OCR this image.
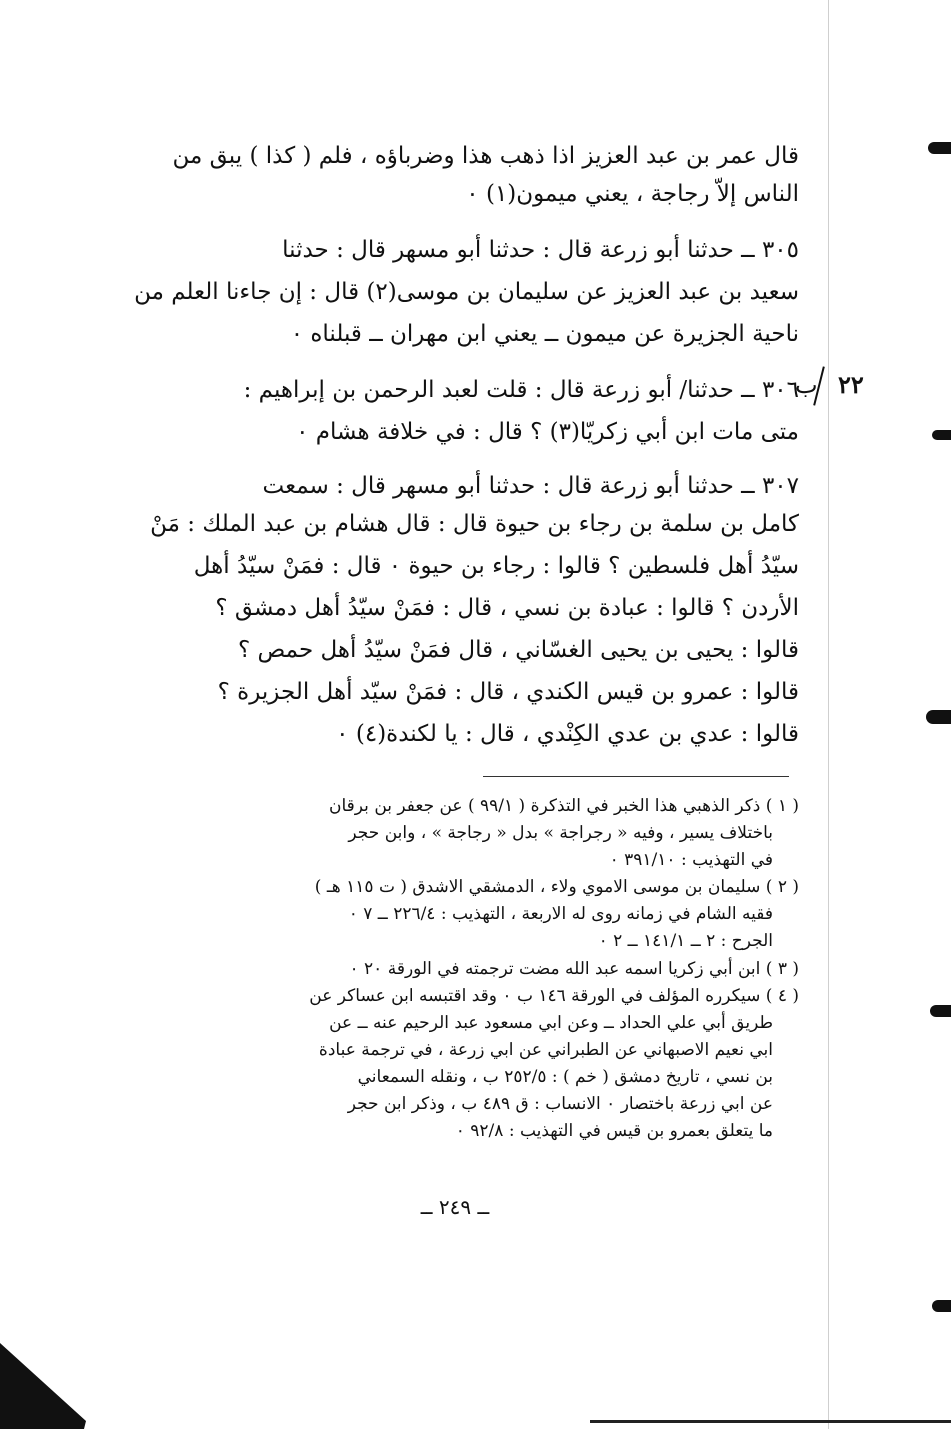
٢٢
ب
قال عمر بن عبد العزيز اذا ذهب هذا وضرباؤه ، فلم ( كذا ) يبق من
الناس إلاّ رجاجة ، يعني ميمون(١) ٠
٣٠٥ ــ حدثنا أبو زرعة قال : حدثنا أبو مسهر قال : حدثنا
سعيد بن عبد العزيز عن سليمان بن موسى(٢) قال : إن جاءنا العلم من
ناحية الجزيرة عن ميمون ــ يعني ابن مهران ــ قبلناه ٠
٣٠٦ ــ حدثنا/ أبو زرعة قال : قلت لعبد الرحمن بن إبراهيم :
متى مات ابن أبي زكريّا(٣) ؟ قال : في خلافة هشام ٠
٣٠٧ ــ حدثنا أبو زرعة قال : حدثنا أبو مسهر قال : سمعت
كامل بن سلمة بن رجاء بن حيوة قال : قال هشام بن عبد الملك : مَنْ
سيّدُ أهل فلسطين ؟ قالوا : رجاء بن حيوة ٠ قال : فمَنْ سيّدُ أهل
الأردن ؟ قالوا : عبادة بن نسي ، قال : فمَنْ سيّدُ أهل دمشق ؟
قالوا : يحيى بن يحيى الغسّاني ، قال فمَنْ سيّدُ أهل حمص ؟
قالوا : عمرو بن قيس الكندي ، قال : فمَنْ سيّد أهل الجزيرة ؟
قالوا : عدي بن عدي الكِنْدي ، قال : يا لكندة(٤) ٠
( ١ ) ذكر الذهبي هذا الخبر في التذكرة ( ٩٩/١ ) عن جعفر بن برقان
باختلاف يسير ، وفيه « رجراجة » بدل « رجاجة » ، وابن حجر
في التهذيب : ٣٩١/١٠ ٠
( ٢ ) سليمان بن موسى الاموي ولاء ، الدمشقي الاشدق ( ت ١١٥ هـ )
فقيه الشام في زمانه روى له الاربعة ، التهذيب : ٢٢٦/٤ ــ ٧ ٠
الجرح : ٢ ــ ١٤١/١ ــ ٢ ٠
( ٣ ) ابن أبي زكريا اسمه عبد الله مضت ترجمته في الورقة ٢٠ ٠
( ٤ ) سيكرره المؤلف في الورقة ١٤٦ ب ٠ وقد اقتبسه ابن عساكر عن
طريق أبي علي الحداد ــ وعن ابي مسعود عبد الرحيم عنه ــ عن
ابي نعيم الاصبهاني عن الطبراني عن ابي زرعة ، في ترجمة عبادة
بن نسي ، تاريخ دمشق ( خم ) : ٢٥٢/٥ ب ، ونقله السمعاني
عن ابي زرعة باختصار ٠ الانساب : ق ٤٨٩ ب ، وذكر ابن حجر
ما يتعلق بعمرو بن قيس في التهذيب : ٩٢/٨ ٠
ــ ٢٤٩ ــ
